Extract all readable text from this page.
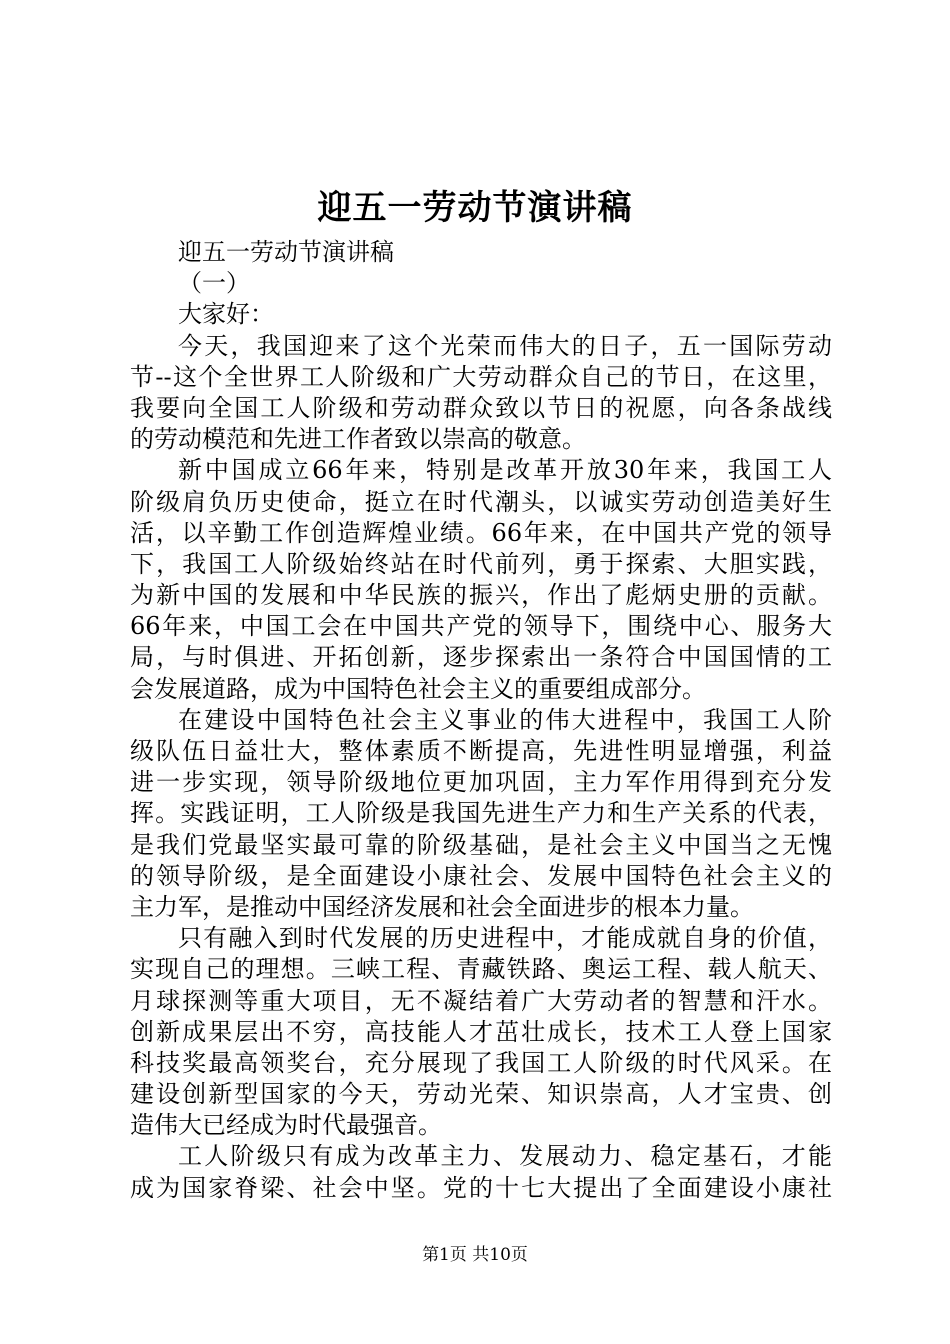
迎五一劳动节演讲稿
迎五一劳动节演讲稿
（一）
大家好：
今天，我国迎来了这个光荣而伟大的日子，五一国际劳动
节--这个全世界工人阶级和广大劳动群众自己的节日，在这里，
我要向全国工人阶级和劳动群众致以节日的祝愿，向各条战线
的劳动模范和先进工作者致以崇高的敬意。
新中国成立66年来，特别是改革开放30年来，我国工人
阶级肩负历史使命，挺立在时代潮头，以诚实劳动创造美好生
活，以辛勤工作创造辉煌业绩。66年来，在中国共产党的领导
下，我国工人阶级始终站在时代前列，勇于探索、大胆实践，
为新中国的发展和中华民族的振兴，作出了彪炳史册的贡献。
66年来，中国工会在中国共产党的领导下，围绕中心、服务大
局，与时俱进、开拓创新，逐步探索出一条符合中国国情的工
会发展道路，成为中国特色社会主义的重要组成部分。
在建设中国特色社会主义事业的伟大进程中，我国工人阶
级队伍日益壮大，整体素质不断提高，先进性明显增强，利益
进一步实现，领导阶级地位更加巩固，主力军作用得到充分发
挥。实践证明，工人阶级是我国先进生产力和生产关系的代表，
是我们党最坚实最可靠的阶级基础，是社会主义中国当之无愧
的领导阶级，是全面建设小康社会、发展中国特色社会主义的
主力军，是推动中国经济发展和社会全面进步的根本力量。
只有融入到时代发展的历史进程中，才能成就自身的价值，
实现自己的理想。三峡工程、青藏铁路、奥运工程、载人航天、
月球探测等重大项目，无不凝结着广大劳动者的智慧和汗水。
创新成果层出不穷，高技能人才茁壮成长，技术工人登上国家
科技奖最高领奖台，充分展现了我国工人阶级的时代风采。在
建设创新型国家的今天，劳动光荣、知识崇高，人才宝贵、创
造伟大已经成为时代最强音。
工人阶级只有成为改革主力、发展动力、稳定基石，才能
成为国家脊梁、社会中坚。党的十七大提出了全面建设小康社
第1页 共10页
